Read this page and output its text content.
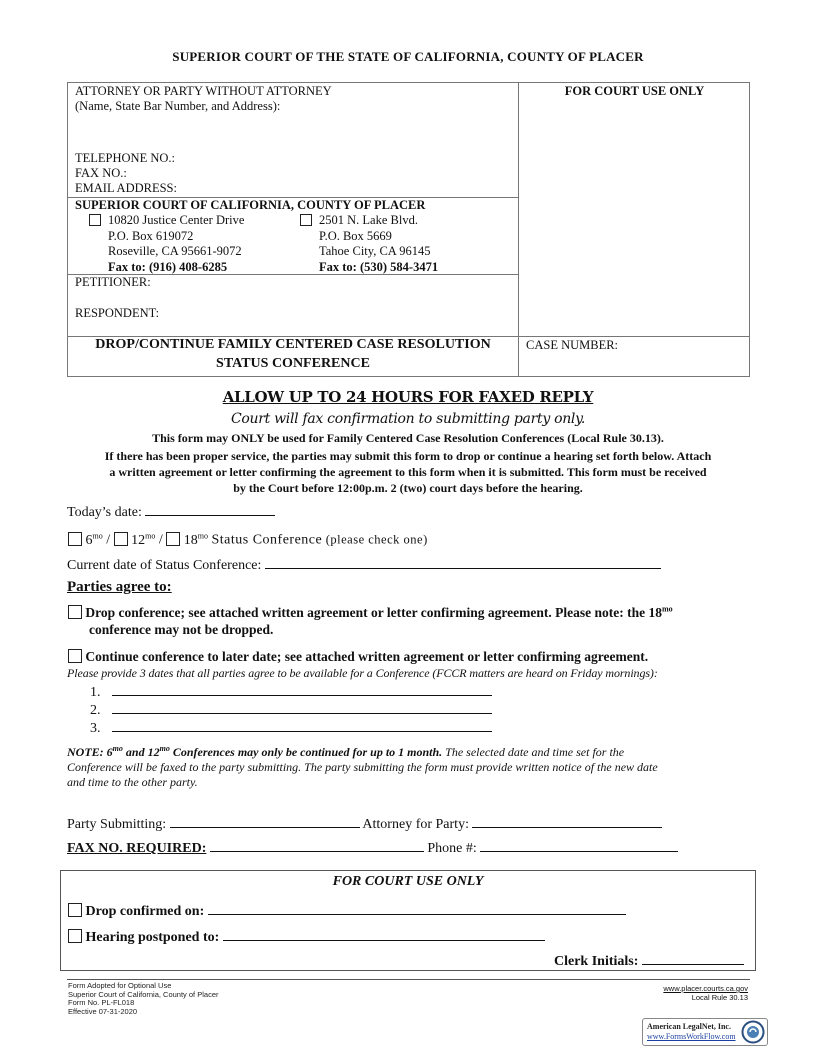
SUPERIOR COURT OF THE STATE OF CALIFORNIA, COUNTY OF PLACER
ATTORNEY OR PARTY WITHOUT ATTORNEY
(Name, State Bar Number, and Address):
TELEPHONE NO.:
FAX NO.:
EMAIL ADDRESS:
FOR COURT USE ONLY
SUPERIOR COURT OF CALIFORNIA, COUNTY OF PLACER
10820 Justice Center Drive
P.O. Box 619072
Roseville, CA 95661-9072
Fax to: (916) 408-6285
2501 N. Lake Blvd.
P.O. Box 5669
Tahoe City, CA 96145
Fax to: (530) 584-3471
PETITIONER:
RESPONDENT:
DROP/CONTINUE FAMILY CENTERED CASE RESOLUTION
STATUS CONFERENCE
CASE NUMBER:
ALLOW UP TO 24 HOURS FOR FAXED REPLY
Court will fax confirmation to submitting party only.
This form may ONLY be used for Family Centered Case Resolution Conferences (Local Rule 30.13).
If there has been proper service, the parties may submit this form to drop or continue a hearing set forth below. Attach
a written agreement or letter confirming the agreement to this form when it is submitted. This form must be received
by the Court before 12:00p.m. 2 (two) court days before the hearing.
Today’s date:
$6^{mo} / 12^{mo} / 18^{mo}$ Status Conference (please check one)
Current date of Status Conference:
Parties agree to:
Drop conference; see attached written agreement or letter confirming agreement. Please note: the $18^{mo}$
conference may not be dropped.
Continue conference to later date; see attached written agreement or letter confirming agreement.
Please provide 3 dates that all parties agree to be available for a Conference (FCCR matters are heard on Friday mornings):
1.
2.
3.
NOTE: $6^{mo}$ and $12^{mo}$ Conferences may only be continued for up to 1 month. The selected date and time set for the
Conference will be faxed to the party submitting. The party submitting the form must provide written notice of the new date
and time to the other party.
Party Submitting:	Attorney for Party:
FAX NO. REQUIRED:	Phone #:
FOR COURT USE ONLY
Drop confirmed on:
Hearing postponed to:
Clerk Initials:
Form Adopted for Optional Use
Superior Court of California, County of Placer
Form No. PL-FL018
Effective 07-31-2020
www.placer.courts.ca.gov
Local Rule 30.13
American LegalNet, Inc.
www.FormsWorkFlow.com
